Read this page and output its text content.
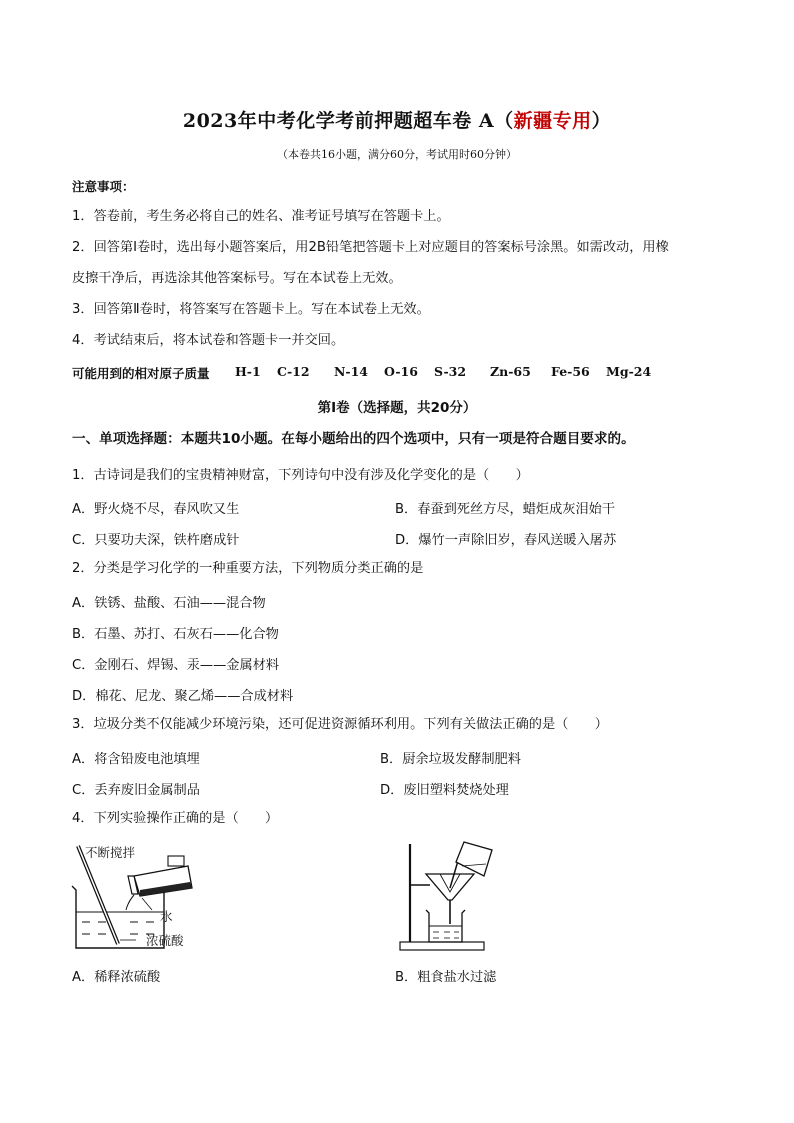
2023年中考化学考前押题超车卷 A（新疆专用）
（本卷共16小题，满分60分，考试用时60分钟）
注意事项：
1．答卷前，考生务必将自己的姓名、准考证号填写在答题卡上。
2．回答第Ⅰ卷时，选出每小题答案后，用2B铅笔把答题卡上对应题目的答案标号涂黑。如需改动，用橡
皮擦干净后，再选涂其他答案标号。写在本试卷上无效。
3．回答第Ⅱ卷时，将答案写在答题卡上。写在本试卷上无效。
4．考试结束后，将本试卷和答题卡一并交回。
可能用到的相对原子质量 H-1 C-12 N-14 O-16 S-32 Zn-65 Fe-56 Mg-24
第Ⅰ卷（选择题，共20分）
一、单项选择题：本题共10小题。在每小题给出的四个选项中，只有一项是符合题目要求的。
1．古诗词是我们的宝贵精神财富，下列诗句中没有涉及化学变化的是（　　）
A．野火烧不尽，春风吹又生	B．春蚕到死丝方尽，蜡炬成灰泪始干
C．只要功夫深，铁杵磨成针	D．爆竹一声除旧岁，春风送暖入屠苏
2．分类是学习化学的一种重要方法，下列物质分类正确的是
A．铁锈、盐酸、石油——混合物
B．石墨、苏打、石灰石——化合物
C．金刚石、焊锡、汞——金属材料
D．棉花、尼龙、聚乙烯——合成材料
3．垃圾分类不仅能减少环境污染，还可促进资源循环利用。下列有关做法正确的是（　　）
A．将含铅废电池填埋	B．厨余垃圾发酵制肥料
C．丢弃废旧金属制品	D．废旧塑料焚烧处理
4．下列实验操作正确的是（　　）
不断搅拌
水
浓硫酸
A．稀释浓硫酸	B．粗食盐水过滤
